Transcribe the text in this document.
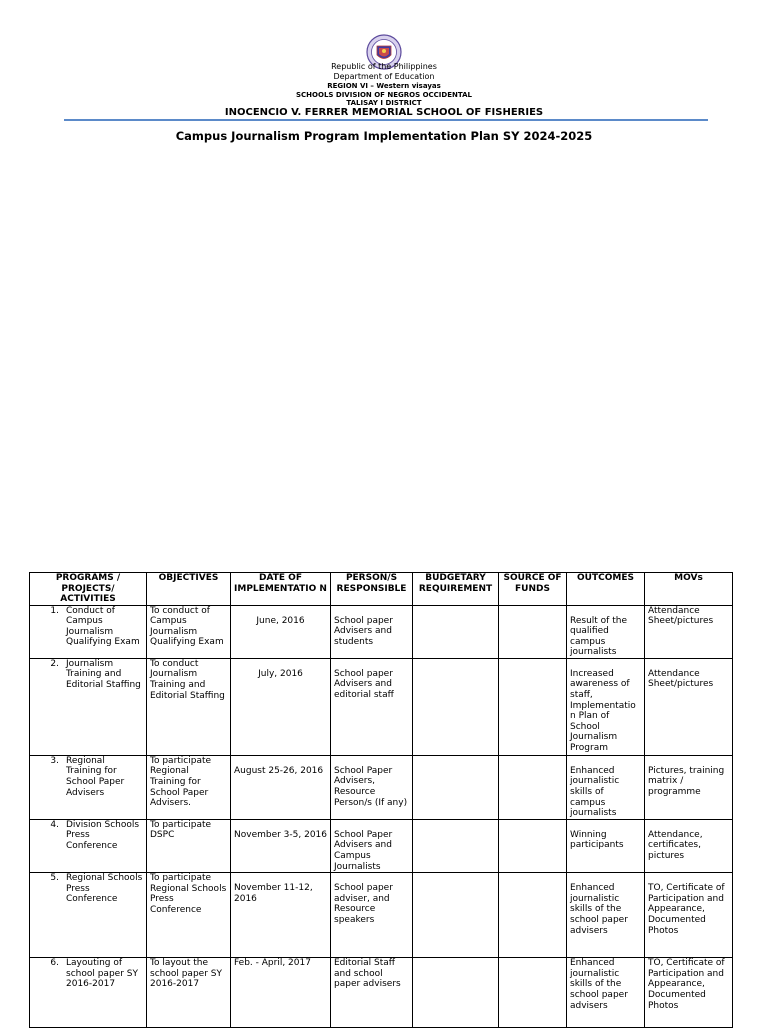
Republic of the Philippines
Department of Education
REGION VI – Western visayas
SCHOOLS DIVISION OF NEGROS OCCIDENTAL
TALISAY I DISTRICT
INOCENCIO V. FERRER MEMORIAL SCHOOL OF FISHERIES
Campus Journalism Program Implementation Plan SY 2024-2025
PROGRAMS / PROJECTS/ ACTIVITIES	OBJECTIVES	DATE OF IMPLEMENTATIO N	PERSON/S RESPONSIBLE	BUDGETARY REQUIREMENT	SOURCE OF FUNDS	OUTCOMES	MOVs

1. Conduct of Campus Journalism Qualifying Exam	To conduct of Campus Journalism Qualifying Exam	June, 2016	School paper Advisers and students			Result of the qualified campus journalists	Attendance Sheet/pictures

2. Journalism Training and Editorial Staffing	To conduct Journalism Training and Editorial Staffing	July, 2016	School paper Advisers and editorial staff			Increased awareness of staff, Implementatio n Plan of School Journalism Program	Attendance Sheet/pictures

3. Regional Training for School Paper Advisers	To participate Regional Training for School Paper Advisers.	August 25-26, 2016	School Paper Advisers, Resource Person/s (If any)			Enhanced journalistic skills of campus journalists	Pictures, training matrix / programme

4. Division Schools Press Conference	To participate DSPC	November 3-5, 2016	School Paper Advisers and Campus Journalists			Winning participants	Attendance, certificates, pictures

5. Regional Schools Press Conference	To participate Regional Schools Press Conference	November 11-12, 2016	School paper adviser, and Resource speakers			Enhanced journalistic skills of the school paper advisers	TO, Certificate of Participation and Appearance, Documented Photos

6. Layouting of school paper SY 2016-2017	To layout the school paper SY 2016-2017	Feb. - April, 2017	Editorial Staff and school paper advisers			Enhanced journalistic skills of the school paper advisers	TO, Certificate of Participation and Appearance, Documented Photos
